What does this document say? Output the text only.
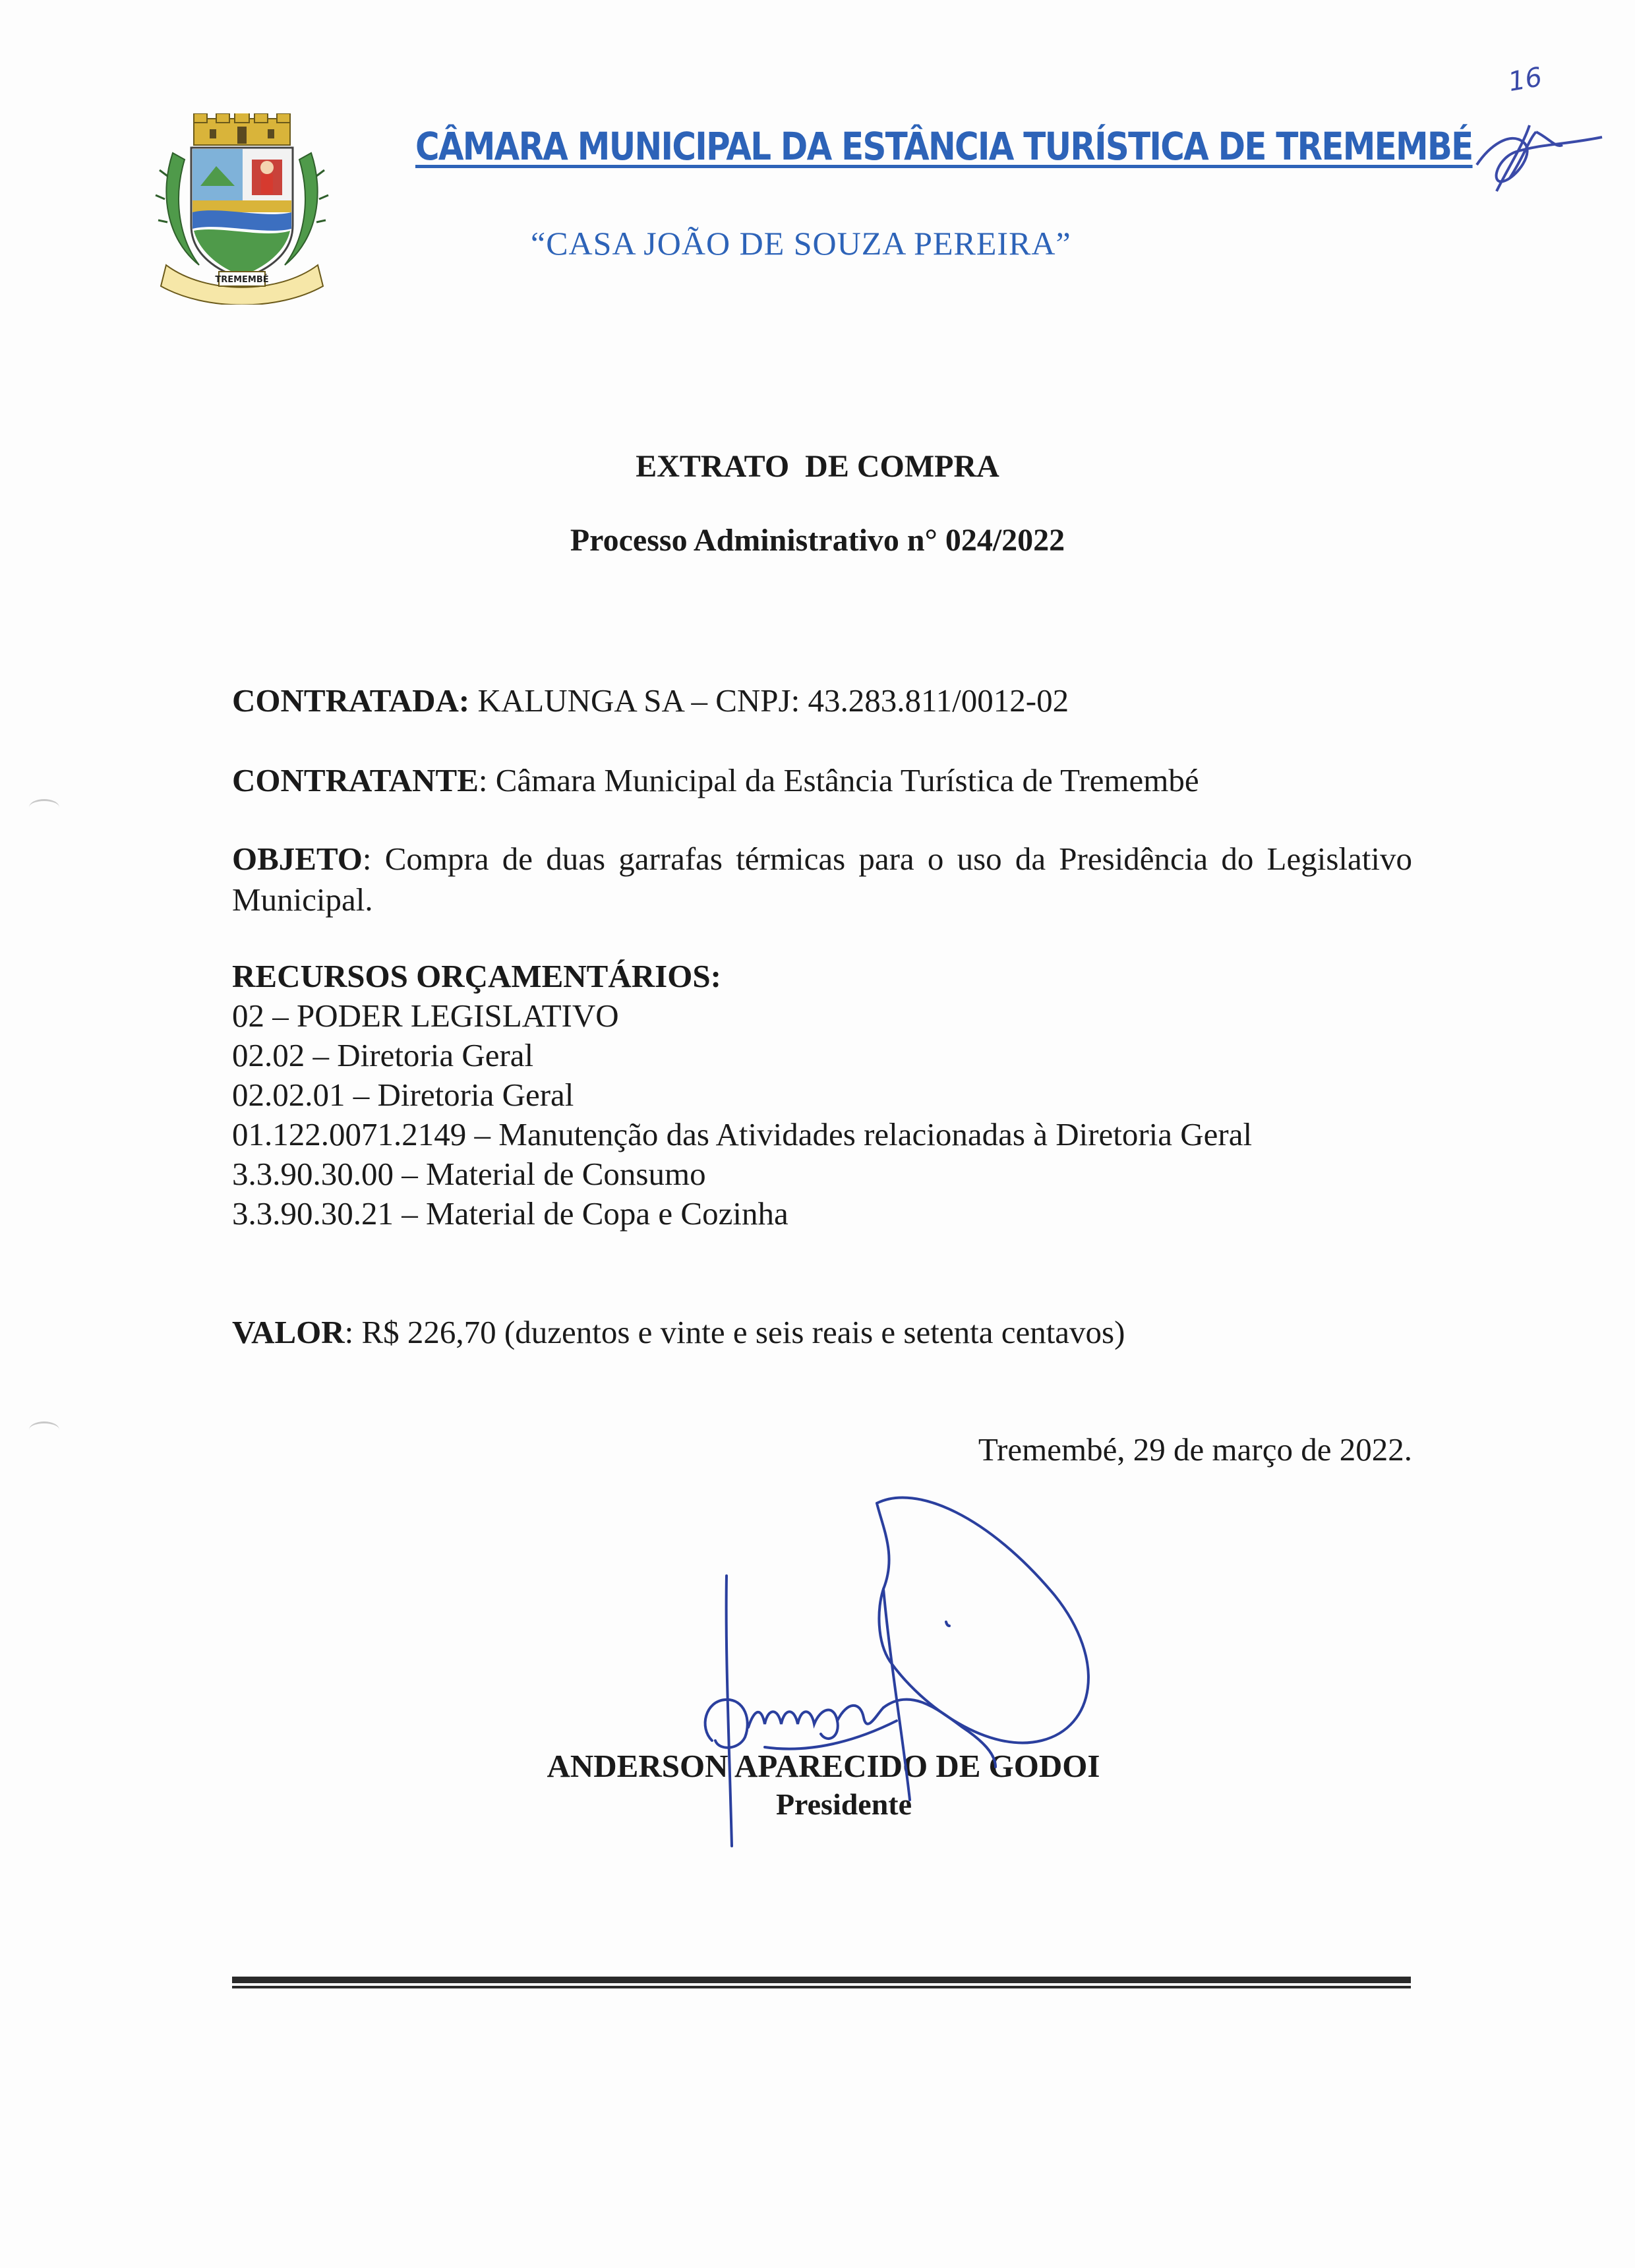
TREMEMBÉ
CÂMARA MUNICIPAL DA ESTÂNCIA TURÍSTICA DE TREMEMBÉ
“CASA JOÃO DE SOUZA PEREIRA”
16
EXTRATO  DE COMPRA
Processo Administrativo n° 024/2022
CONTRATADA: KALUNGA SA – CNPJ: 43.283.811/0012-02
CONTRATANTE: Câmara Municipal da Estância Turística de Tremembé
OBJETO: Compra de duas garrafas térmicas para o uso da Presidência do Legislativo Municipal.
RECURSOS ORÇAMENTÁRIOS:
02 – PODER LEGISLATIVO
02.02 – Diretoria Geral
02.02.01 – Diretoria Geral
01.122.0071.2149 – Manutenção das Atividades relacionadas à Diretoria Geral
3.3.90.30.00 – Material de Consumo
3.3.90.30.21 – Material de Copa e Cozinha
VALOR: R$ 226,70 (duzentos e vinte e seis reais e setenta centavos)
Tremembé, 29 de março de 2022.
ANDERSON APARECIDO DE GODOI
Presidente
